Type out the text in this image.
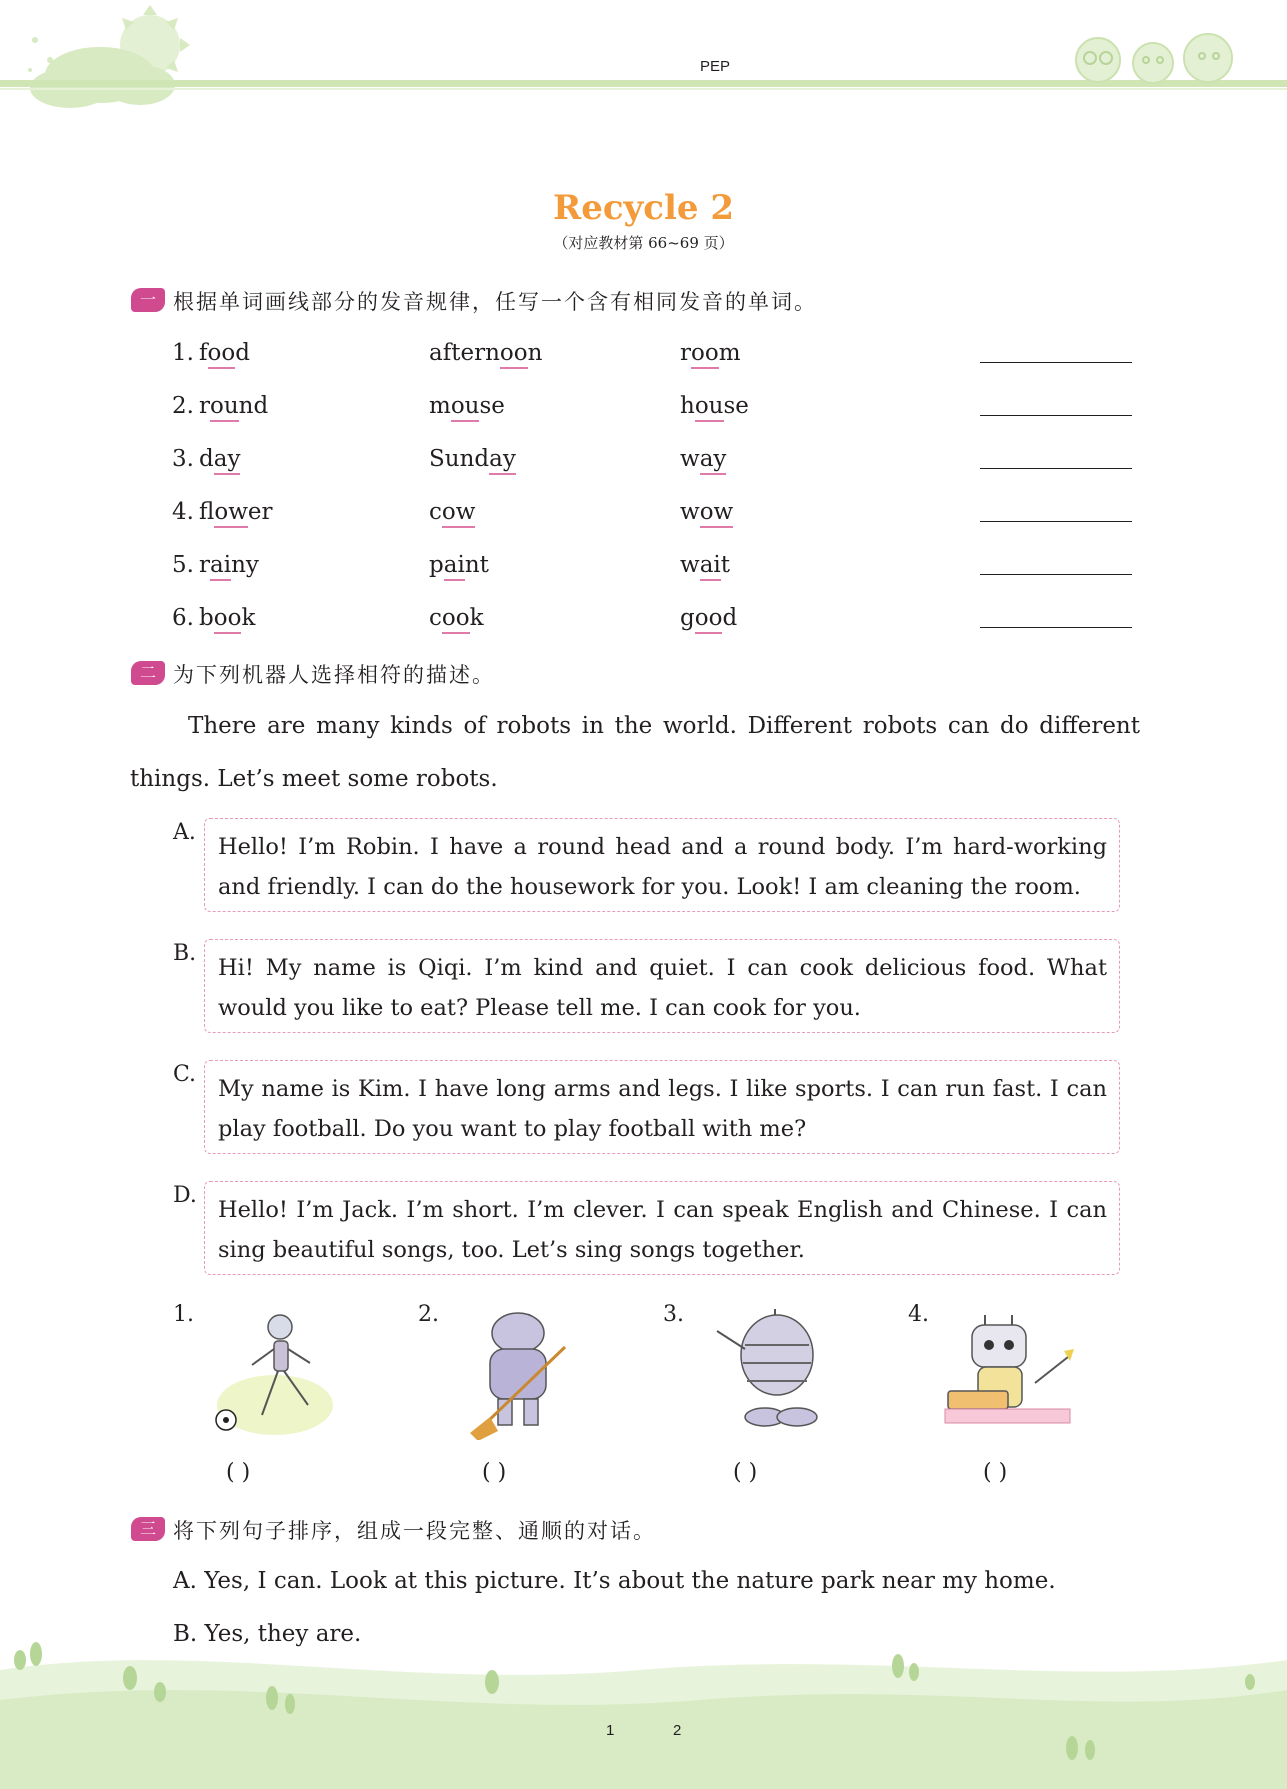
PEP
Recycle 2
（对应教材第 66~69 页）
一 根据单词画线部分的发音规律，任写一个含有相同发音的单词。
1. food	afternoon	room
2. round	mouse	house
3. day	Sunday	way
4. flower	cow	wow
5. rainy	paint	wait
6. book	cook	good
二 为下列机器人选择相符的描述。
There are many kinds of robots in the world. Different robots can do different things. Let’s meet some robots.
A.
Hello! I’m Robin. I have a round head and a round body. I’m hard-working and friendly. I can do the housework for you. Look! I am cleaning the room.
B.
Hi! My name is Qiqi. I’m kind and quiet. I can cook delicious food. What would you like to eat? Please tell me. I can cook for you.
C.
My name is Kim. I have long arms and legs. I like sports. I can run fast. I can play football. Do you want to play football with me?
D.
Hello! I’m Jack. I’m short. I’m clever. I can speak English and Chinese. I can sing beautiful songs, too. Let’s sing songs together.
1.
( )
2.
( )
3.
( )
4.
( )
三 将下列句子排序，组成一段完整、通顺的对话。
A. Yes, I can. Look at this picture. It’s about the nature park near my home.
B. Yes, they are.
1	2
